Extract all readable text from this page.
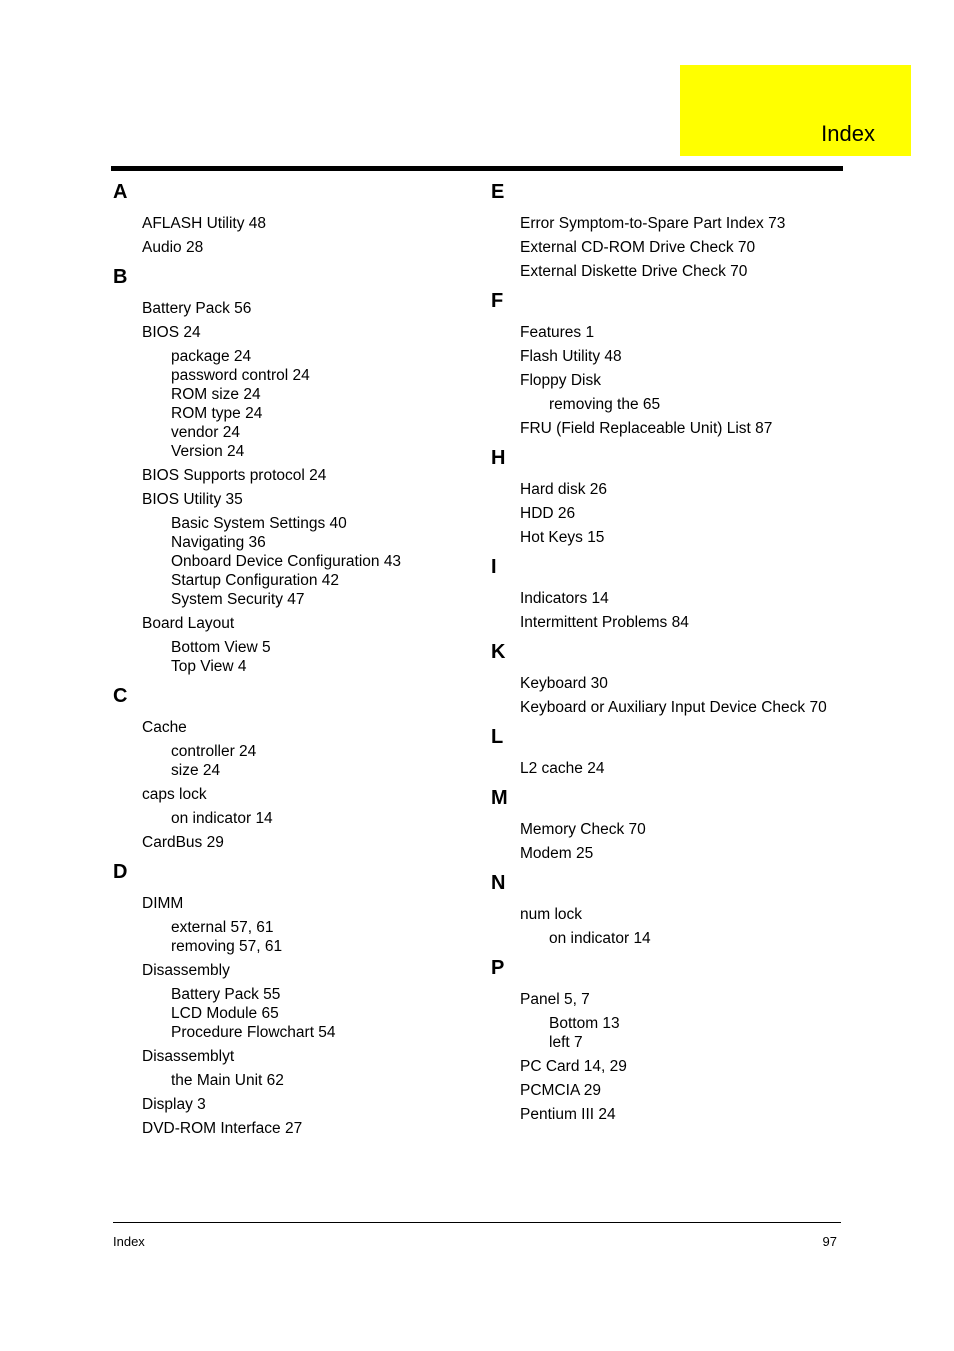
Index
A
AFLASH Utility 48
Audio 28
B
Battery Pack 56
BIOS 24
package 24
password control 24
ROM size 24
ROM type 24
vendor 24
Version 24
BIOS Supports protocol 24
BIOS Utility 35
Basic System Settings 40
Navigating 36
Onboard Device Configuration 43
Startup Configuration 42
System Security 47
Board Layout
Bottom View 5
Top View 4
C
Cache
controller 24
size 24
caps lock
on indicator 14
CardBus 29
D
DIMM
external 57, 61
removing 57, 61
Disassembly
Battery Pack 55
LCD Module 65
Procedure Flowchart 54
Disassemblyt
the Main Unit 62
Display 3
DVD-ROM Interface 27
E
Error Symptom-to-Spare Part Index 73
External CD-ROM Drive Check 70
External Diskette Drive Check 70
F
Features 1
Flash Utility 48
Floppy Disk
removing the 65
FRU (Field Replaceable Unit) List 87
H
Hard disk 26
HDD 26
Hot Keys 15
I
Indicators 14
Intermittent Problems 84
K
Keyboard 30
Keyboard or Auxiliary Input Device Check 70
L
L2 cache 24
M
Memory Check 70
Modem 25
N
num lock
on indicator 14
P
Panel 5, 7
Bottom 13
left 7
PC Card 14, 29
PCMCIA 29
Pentium III 24
Index	97
